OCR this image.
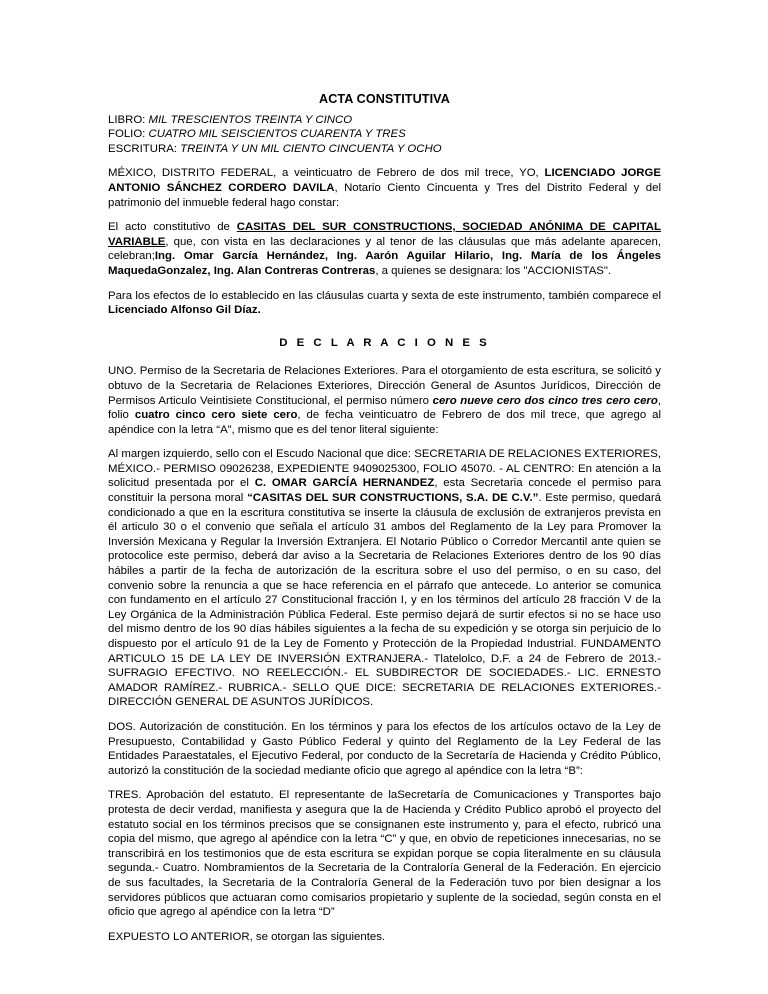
ACTA CONSTITUTIVA
LIBRO: MIL TRESCIENTOS TREINTA Y CINCO
FOLIO: CUATRO MIL SEISCIENTOS CUARENTA Y TRES
ESCRITURA: TREINTA Y UN MIL CIENTO CINCUENTA Y OCHO

MÉXICO, DISTRITO FEDERAL, a veinticuatro de Febrero de dos mil trece, YO, LICENCIADO JORGE ANTONIO SÁNCHEZ CORDERO DAVILA, Notario Ciento Cincuenta y Tres del Distrito Federal y del patrimonio del inmueble federal hago constar:

El acto constitutivo de CASITAS DEL SUR CONSTRUCTIONS, SOCIEDAD ANÓNIMA DE CAPITAL VARIABLE, que, con vista en las declaraciones y al tenor de las cláusulas que más adelante aparecen, celebran;Ing. Omar García Hernández, Ing. Aarón Aguilar Hilario, Ing. María de los Ángeles MaquedaGonzalez, Ing. Alan Contreras Contreras, a quienes se designara: los "ACCIONISTAS".

Para los efectos de lo establecido en las cláusulas cuarta y sexta de este instrumento, también comparece el Licenciado Alfonso Gil Díaz.

D E C L A R A C I O N E S

UNO. Permiso de la Secretaria de Relaciones Exteriores. Para el otorgamiento de esta escritura, se solicitó y obtuvo de la Secretaria de Relaciones Exteriores, Dirección General de Asuntos Jurídicos, Dirección de Permisos Articulo Veintisiete Constitucional, el permiso número cero nueve cero dos cinco tres cero cero, folio cuatro cinco cero siete cero, de fecha veinticuatro de Febrero de dos mil trece, que agrego al apéndice con la letra “A”, mismo que es del tenor literal siguiente:

Al margen izquierdo, sello con el Escudo Nacional que dice: SECRETARIA DE RELACIONES EXTERIORES, MÉXICO.- PERMISO 09026238, EXPEDIENTE 9409025300, FOLIO 45070. - AL CENTRO: En atención a la solicitud presentada por el C. OMAR GARCÍA HERNANDEZ, esta Secretaria concede el permiso para constituir la persona moral “CASITAS DEL SUR CONSTRUCTIONS, S.A. DE C.V.”. Este permiso, quedará condicionado a que en la escritura constitutiva se inserte la cláusula de exclusión de extranjeros prevista en él articulo 30 o el convenio que señala el artículo 31 ambos del Reglamento de la Ley para Promover la Inversión Mexicana y Regular la Inversión Extranjera. El Notario Público o Corredor Mercantil ante quien se protocolice este permiso, deberá dar aviso a la Secretaria de Relaciones Exteriores dentro de los 90 días hábiles a partir de la fecha de autorización de la escritura sobre el uso del permiso, o en su caso, del convenio sobre la renuncia a que se hace referencia en el párrafo que antecede. Lo anterior se comunica con fundamento en el artículo 27 Constitucional fracción I, y en los términos del artículo 28 fracción V de la Ley Orgánica de la Administración Pública Federal. Este permiso dejará de surtir efectos si no se hace uso del mismo dentro de los 90 días hábiles siguientes a la fecha de su expedición y se otorga sin perjuicio de lo dispuesto por el artículo 91 de la Ley de Fomento y Protección de la Propiedad Industrial. FUNDAMENTO ARTICULO 15 DE LA LEY DE INVERSIÓN EXTRANJERA.- Tlatelolco, D.F. a 24 de Febrero de 2013.- SUFRAGIO EFECTIVO. NO REELECCIÓN.- EL SUBDIRECTOR DE SOCIEDADES.- LIC. ERNESTO AMADOR RAMÍREZ.- RUBRICA.- SELLO QUE DICE: SECRETARIA DE RELACIONES EXTERIORES.- DIRECCIÓN GENERAL DE ASUNTOS JURÍDICOS.

DOS. Autorización de constitución. En los términos y para los efectos de los artículos octavo de la Ley de Presupuesto, Contabilidad y Gasto Público Federal y quinto del Reglamento de la Ley Federal de las Entidades Paraestatales, el Ejecutivo Federal, por conducto de la Secretaría de Hacienda y Crédito Público, autorizó la constitución de la sociedad mediante oficio que agrego al apéndice con la letra “B”:

TRES. Aprobación del estatuto. El representante de laSecretaría de Comunicaciones y Transportes bajo protesta de decir verdad, manifiesta y asegura que la de Hacienda y Crédito Publico aprobó el proyecto del estatuto social en los términos precisos que se consignanen este instrumento y, para el efecto, rubricó una copia del mismo, que agrego al apéndice con la letra “C” y que, en obvio de repeticiones innecesarias, no se transcribirá en los testimonios que de esta escritura se expidan porque se copia literalmente en su cláusula segunda.- Cuatro. Nombramientos de la Secretaria de la Contraloría General de la Federación. En ejercicio de sus facultades, la Secretaria de la Contraloría General de la Federación tuvo por bien designar a los servidores públicos que actuaran como comisarios propietario y suplente de la sociedad, según consta en el oficio que agrego al apéndice con la letra “D”

EXPUESTO LO ANTERIOR, se otorgan las siguientes.
